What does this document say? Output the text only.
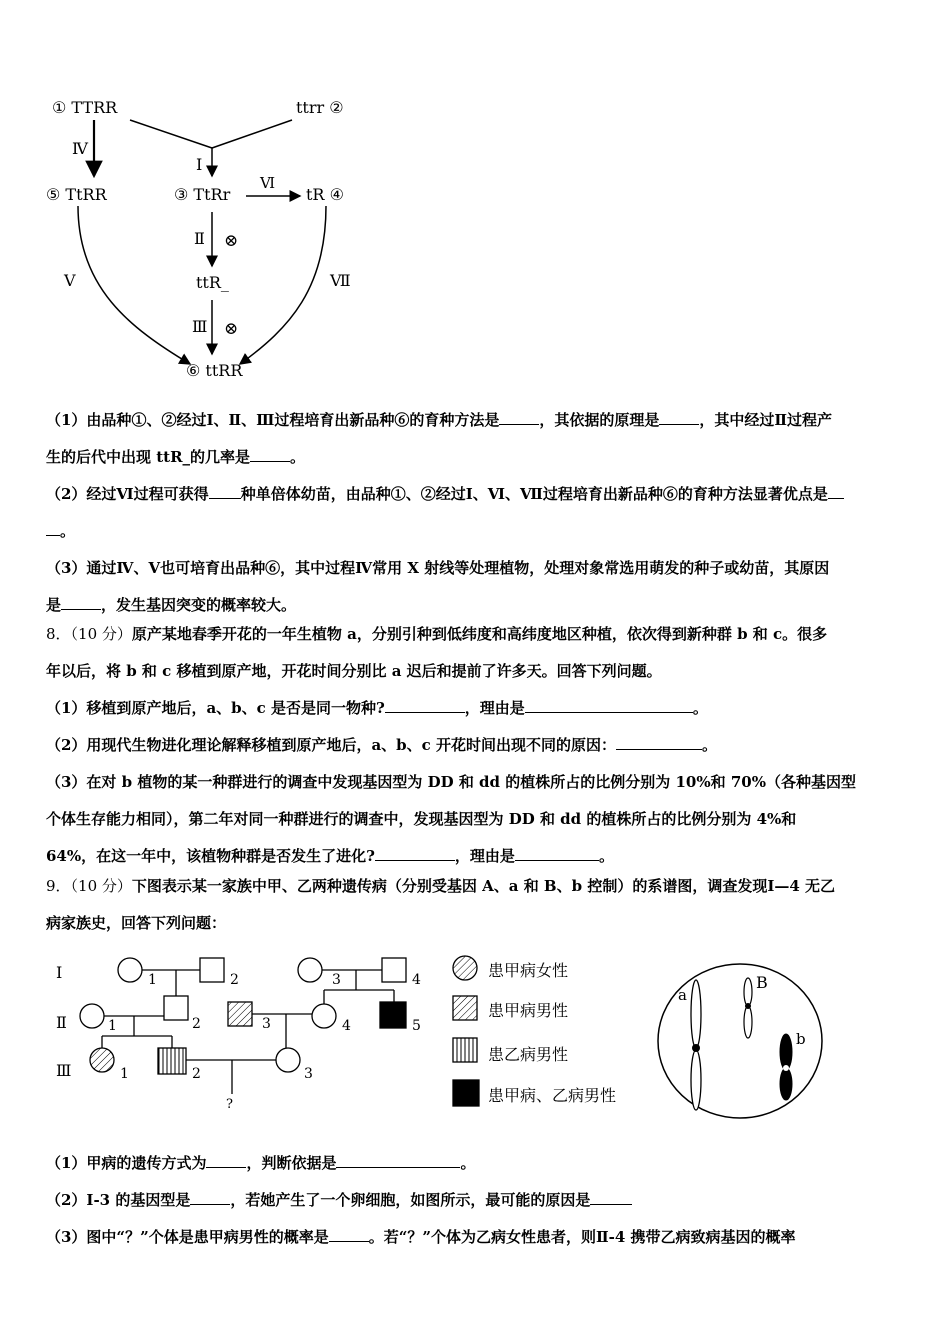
① TTRR	ttrr ②
Ⅰ
Ⅳ
⑤ TtRR	③ TtRr
Ⅵ
tR ④
Ⅱ ⊗
ttR_
Ⅲ ⊗
Ⅴ	Ⅶ
⑥ ttRR
（1）由品种①、②经过Ⅰ、Ⅱ、Ⅲ过程培育出新品种⑥的育种方法是	，其依据的原理是	，其中经过Ⅱ过程产
生的后代中出现 ttR_的几率是	。
（2）经过Ⅵ过程可获得 种单倍体幼苗，由品种①、②经过Ⅰ、Ⅵ、Ⅶ过程培育出新品种⑥的育种方法显著优点是
。
（3）通过Ⅳ、Ⅴ也可培育出品种⑥，其中过程Ⅳ常用 X 射线等处理植物，处理对象常选用萌发的种子或幼苗，其原因
是	，发生基因突变的概率较大。
8．（10 分）原产某地春季开花的一年生植物 a，分别引种到低纬度和高纬度地区种植，依次得到新种群 b 和 c。很多
年以后，将 b 和 c 移植到原产地，开花时间分别比 a 迟后和提前了许多天。回答下列问题。
（1）移植到原产地后，a、b、c 是否是同一物种?	，理由是	。
（2）用现代生物进化理论解释移植到原产地后，a、b、c 开花时间出现不同的原因：	。
（3）在对 b 植物的某一种群进行的调查中发现基因型为 DD 和 dd 的植株所占的比例分别为 10%和 70%（各种基因型
个体生存能力相同），第二年对同一种群进行的调查中，发现基因型为 DD 和 dd 的植株所占的比例分别为 4%和
64%，在这一年中，该植物种群是否发生了进化?	，理由是	。
9．（10 分）下图表示某一家族中甲、乙两种遗传病（分别受基因 A、a 和 B、b 控制）的系谱图，调查发现Ⅰ—4 无乙
病家族史，回答下列问题：
Ⅰ
Ⅱ
Ⅲ
1	2	3	4
1	2	3	4	5
1	2	3
?
患甲病女性
患甲病男性
患乙病男性
患甲病、乙病男性
a
B
b
（1）甲病的遗传方式为	，判断依据是	。
（2）Ⅰ-3 的基因型是	，若她产生了一个卵细胞，如图所示，最可能的原因是
（3）图中“？”个体是患甲病男性的概率是	。若“？”个体为乙病女性患者，则Ⅱ-4 携带乙病致病基因的概率
